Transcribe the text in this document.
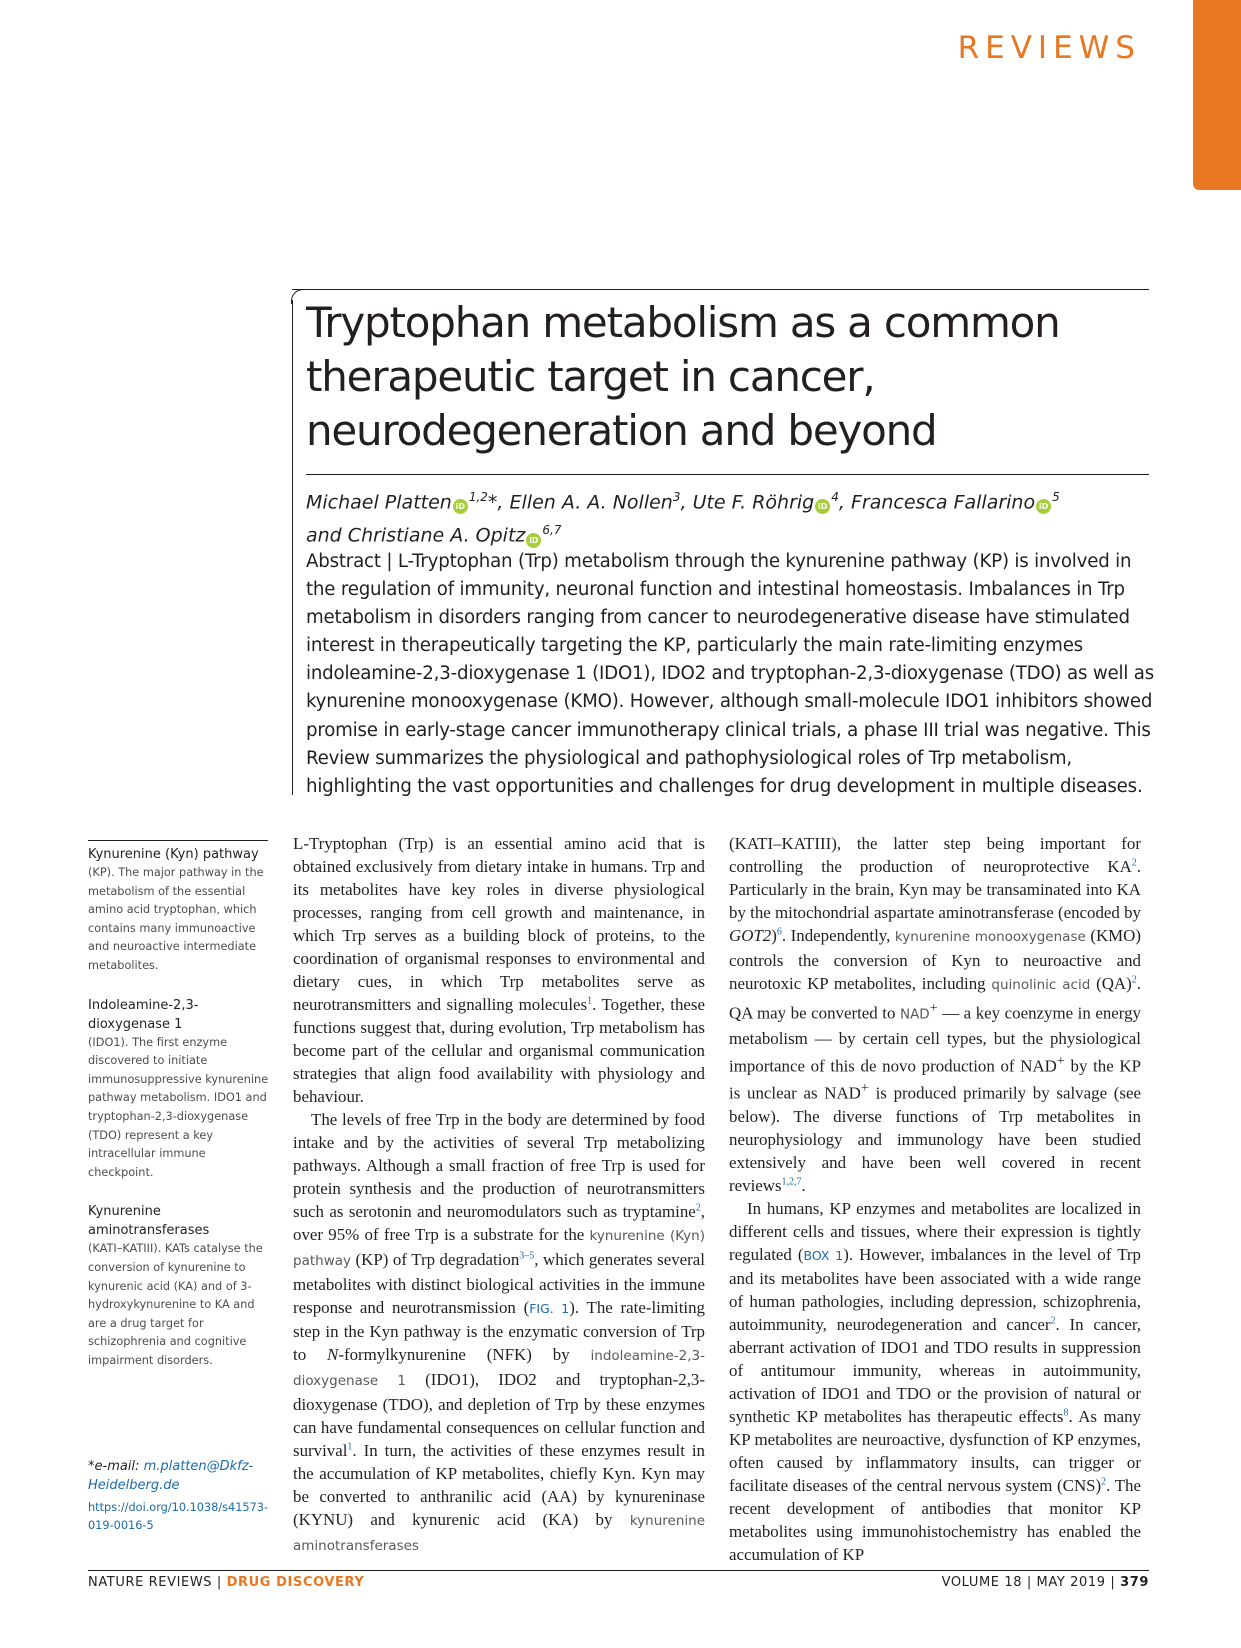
REVIEWS
Tryptophan metabolism as a common therapeutic target in cancer, neurodegeneration and beyond
Michael Platten iD$^{1,2}$*, Ellen A. A. Nollen$^3$, Ute F. Röhrig $iD^4$, Francesca Fallarino $iD^5$
and Christiane A. Opitz iD$^{6,7}$
Abstract | L-Tryptophan (Trp) metabolism through the kynurenine pathway (KP) is involved in the regulation of immunity, neuronal function and intestinal homeostasis. Imbalances in Trp metabolism in disorders ranging from cancer to neurodegenerative disease have stimulated interest in therapeutically targeting the KP, particularly the main rate-limiting enzymes indoleamine-2,3-dioxygenase 1 (IDO1), IDO2 and tryptophan-2,3-dioxygenase (TDO) as well as kynurenine monooxygenase (KMO). However, although small-molecule IDO1 inhibitors showed promise in early-stage cancer immunotherapy clinical trials, a phase III trial was negative. This Review summarizes the physiological and pathophysiological roles of Trp metabolism, highlighting the vast opportunities and challenges for drug development in multiple diseases.
Kynurenine (Kyn) pathway
(KP). The major pathway in the metabolism of the essential amino acid tryptophan, which contains many immunoactive and neuroactive intermediate metabolites.
Indoleamine-2,3-dioxygenase 1
(IDO1). The first enzyme discovered to initiate immunosuppressive kynurenine pathway metabolism. IDO1 and tryptophan-2,3-dioxygenase (TDO) represent a key intracellular immune checkpoint.
Kynurenine aminotransferases
(KATI–KATIII). KATs catalyse the conversion of kynurenine to kynurenic acid (KA) and of 3-hydroxykynurenine to KA and are a drug target for schizophrenia and cognitive impairment disorders.
*e-mail: m.platten@Dkfz-Heidelberg.de
https://doi.org/10.1038/s41573-019-0016-5

L-Tryptophan (Trp) is an essential amino acid that is obtained exclusively from dietary intake in humans. Trp and its metabolites have key roles in diverse physiological processes, ranging from cell growth and maintenance, in which Trp serves as a building block of proteins, to the coordination of organismal responses to environmental and dietary cues, in which Trp metabolites serve as neurotransmitters and signalling molecules$^1$. Together, these functions suggest that, during evolution, Trp metabolism has become part of the cellular and organismal communication strategies that align food availability with physiology and behaviour.

The levels of free Trp in the body are determined by food intake and by the activities of several Trp metabolizing pathways. Although a small fraction of free Trp is used for protein synthesis and the production of neurotransmitters such as serotonin and neuromodulators such as tryptamine$^2$, over 95% of free Trp is a substrate for the kynurenine (Kyn) pathway (KP) of Trp degradation$^{3-5}$, which generates several metabolites with distinct biological activities in the immune response and neurotransmission (FIG. 1). The rate-limiting step in the Kyn pathway is the enzymatic conversion of Trp to N-formylkynurenine (NFK) by indoleamine-2,3-dioxygenase 1 (IDO1), IDO2 and tryptophan-2,3-dioxygenase (TDO), and depletion of Trp by these enzymes can have fundamental consequences on cellular function and survival$^1$. In turn, the activities of these enzymes result in the accumulation of KP metabolites, chiefly Kyn. Kyn may be converted to anthranilic acid (AA) by kynureninase (KYNU) and kynurenic acid (KA) by kynurenine aminotransferases

(KATI–KATIII), the latter step being important for controlling the production of neuroprotective KA$^2$. Particularly in the brain, Kyn may be transaminated into KA by the mitochondrial aspartate aminotransferase (encoded by GOT2)$^6$. Independently, kynurenine monooxygenase (KMO) controls the conversion of Kyn to neuroactive and neurotoxic KP metabolites, including quinolinic acid (QA)$^2$. QA may be converted to NAD+ — a key coenzyme in energy metabolism — by certain cell types, but the physiological importance of this de novo production of NAD+ by the KP is unclear as NAD+ is produced primarily by salvage (see below). The diverse functions of Trp metabolites in neurophysiology and immunology have been studied extensively and have been well covered in recent reviews$^{1,2,7}$.

In humans, KP enzymes and metabolites are localized in different cells and tissues, where their expression is tightly regulated (BOX 1). However, imbalances in the level of Trp and its metabolites have been associated with a wide range of human pathologies, including depression, schizophrenia, autoimmunity, neurodegeneration and cancer$^2$. In cancer, aberrant activation of IDO1 and TDO results in suppression of antitumour immunity, whereas in autoimmunity, activation of IDO1 and TDO or the provision of natural or synthetic KP metabolites has therapeutic effects$^8$. As many KP metabolites are neuroactive, dysfunction of KP enzymes, often caused by inflammatory insults, can trigger or facilitate diseases of the central nervous system (CNS)$^2$. The recent development of antibodies that monitor KP metabolites using immunohistochemistry has enabled the accumulation of KP

NATURE REVIEWS | DRUG DISCOVERY	VOLUME 18 | MAY 2019 | 379
